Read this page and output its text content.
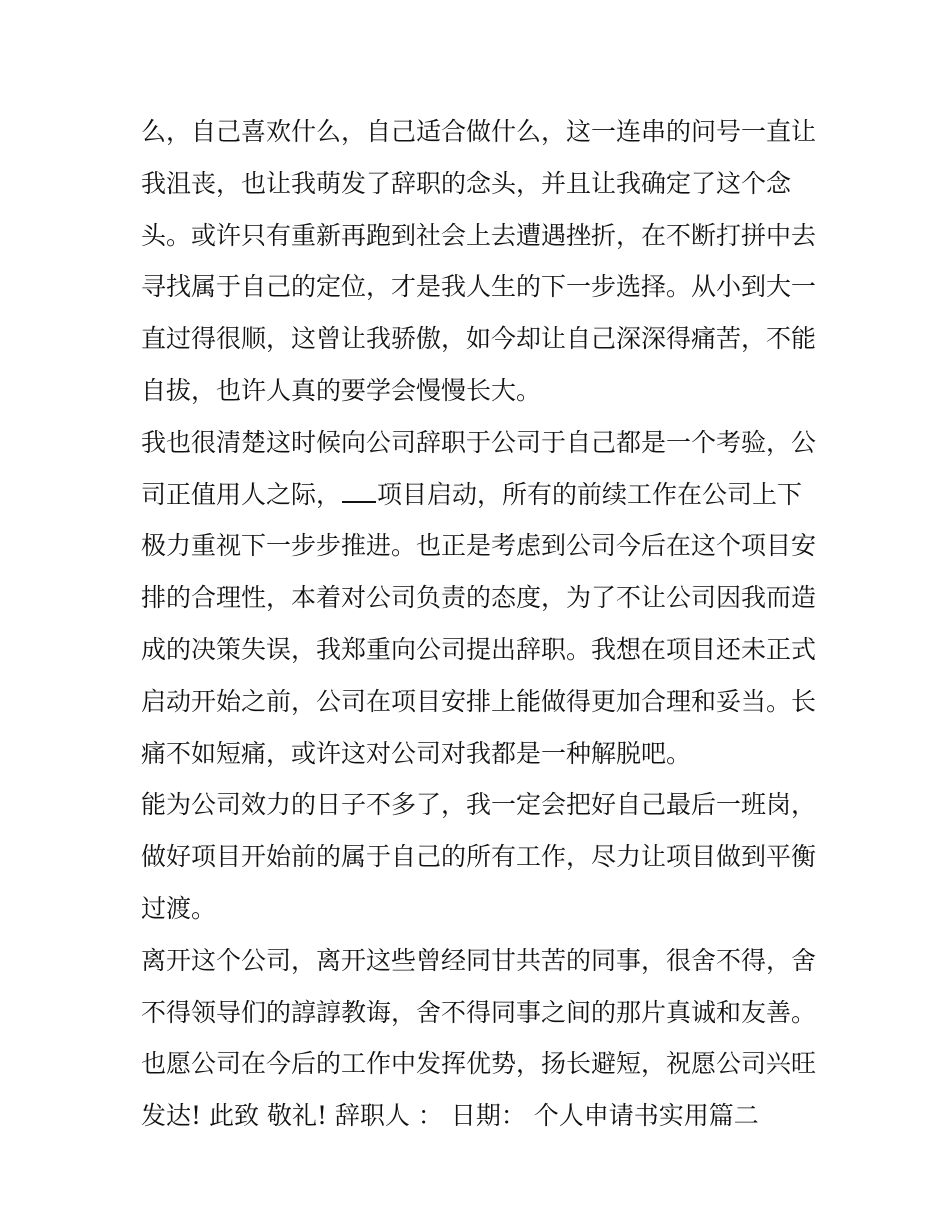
么，自己喜欢什么，自己适合做什么，这一连串的问号一直让
我沮丧，也让我萌发了辞职的念头，并且让我确定了这个念
头。或许只有重新再跑到社会上去遭遇挫折，在不断打拼中去
寻找属于自己的定位，才是我人生的下一步选择。从小到大一
直过得很顺，这曾让我骄傲，如今却让自己深深得痛苦，不能
自拔，也许人真的要学会慢慢长大。
我也很清楚这时候向公司辞职于公司于自己都是一个考验，公
司正值用人之际， 项目启动，所有的前续工作在公司上下
极力重视下一步步推进。也正是考虑到公司今后在这个项目安
排的合理性，本着对公司负责的态度，为了不让公司因我而造
成的决策失误，我郑重向公司提出辞职。我想在项目还未正式
启动开始之前，公司在项目安排上能做得更加合理和妥当。长
痛不如短痛，或许这对公司对我都是一种解脱吧。
能为公司效力的日子不多了，我一定会把好自己最后一班岗，
做好项目开始前的属于自己的所有工作，尽力让项目做到平衡
过渡。
离开这个公司，离开这些曾经同甘共苦的同事，很舍不得，舍
不得领导们的諄諄教诲，舍不得同事之间的那片真诚和友善。
也愿公司在今后的工作中发挥优势，扬长避短，祝愿公司兴旺
发达! 此致 敬礼! 辞职人 ： 日期： 个人申请书实用篇二
